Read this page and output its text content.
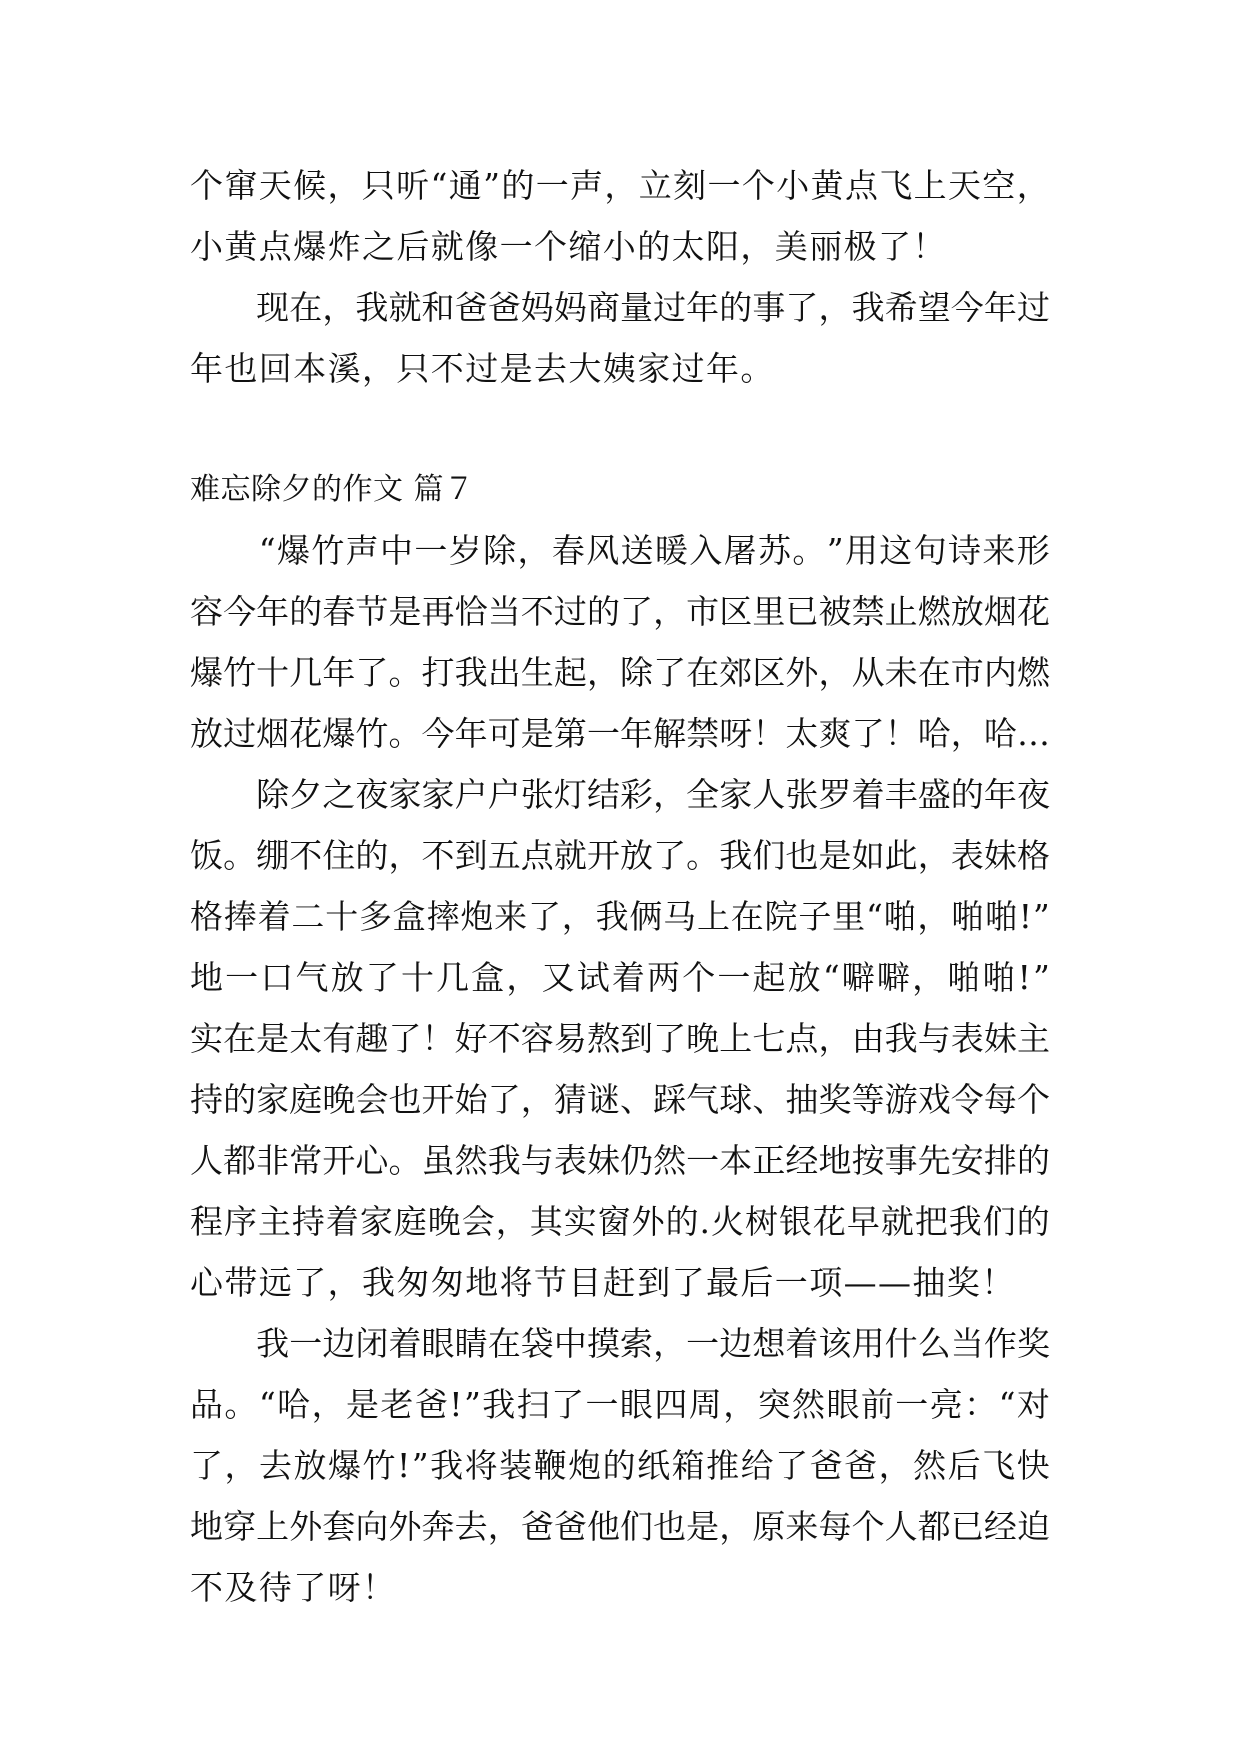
个 窜 天 候 ， 只 听 “ 通 ” 的 一 声 ， 立 刻 一 个 小 黄 点 飞 上 天 空 ，
小黄点爆炸之后就像一个缩小的太阳，美丽极了！

现 在 ， 我 就 和 爸 爸 妈 妈 商 量 过 年 的 事 了 ， 我 希 望 今 年 过
年也回本溪，只不过是去大姨家过年。
难忘除夕的作文 篇７

“ 爆 竹 声 中 一 岁 除 ， 春 风 送 暖 入 屠 苏 。 ” 用 这 句 诗 来 形
容 今 年 的 春 节 是 再 恰 当 不 过 的 了 ， 市 区 里 已 被 禁 止 燃 放 烟 花
爆 竹 十 几 年 了 。 打 我 出 生 起 ， 除 了 在 郊 区 外 ， 从 未 在 市 内 燃
放 过 烟 花 爆 竹 。 今 年 可 是 第 一 年 解 禁 呀 ！ 太 爽 了 ！ 哈 ， 哈 …

除 夕 之 夜 家 家 户 户 张 灯 结 彩 ， 全 家 人 张 罗 着 丰 盛 的 年 夜
饭 。 绷 不 住 的 ， 不 到 五 点 就 开 放 了 。 我 们 也 是 如 此 ， 表 妹 格
格 捧 着 二 十 多 盒 摔 炮 来 了 ， 我 俩 马 上 在 院 子 里 “ 啪 ， 啪 啪 ! ”
地 一 口 气 放 了 十 几 盒 ， 又 试 着 两 个 一 起 放 “ 噼 噼 ， 啪 啪 ! ”
实 在 是 太 有 趣 了 ！ 好 不 容 易 熬 到 了 晚 上 七 点 ， 由 我 与 表 妹 主
持 的 家 庭 晚 会 也 开 始 了 ， 猜 谜 、 踩 气 球 、 抽 奖 等 游 戏 令 每 个
人 都 非 常 开 心 。 虽 然 我 与 表 妹 仍 然 一 本 正 经 地 按 事 先 安 排 的
程 序 主 持 着 家 庭 晚 会 ， 其 实 窗 外 的 . 火 树 银 花 早 就 把 我 们 的
心带远了，我匆匆地将节目赶到了最后一项——抽奖！

我 一 边 闭 着 眼 睛 在 袋 中 摸 索 ， 一 边 想 着 该 用 什 么 当 作 奖
品 。 “ 哈 ， 是 老 爸 ! ” 我 扫 了 一 眼 四 周 ， 突 然 眼 前 一 亮 ： “ 对
了 ， 去 放 爆 竹 ! ” 我 将 装 鞭 炮 的 纸 箱 推 给 了 爸 爸 ， 然 后 飞 快
地 穿 上 外 套 向 外 奔 去 ， 爸 爸 他 们 也 是 ， 原 来 每 个 人 都 已 经 迫
不及待了呀！
